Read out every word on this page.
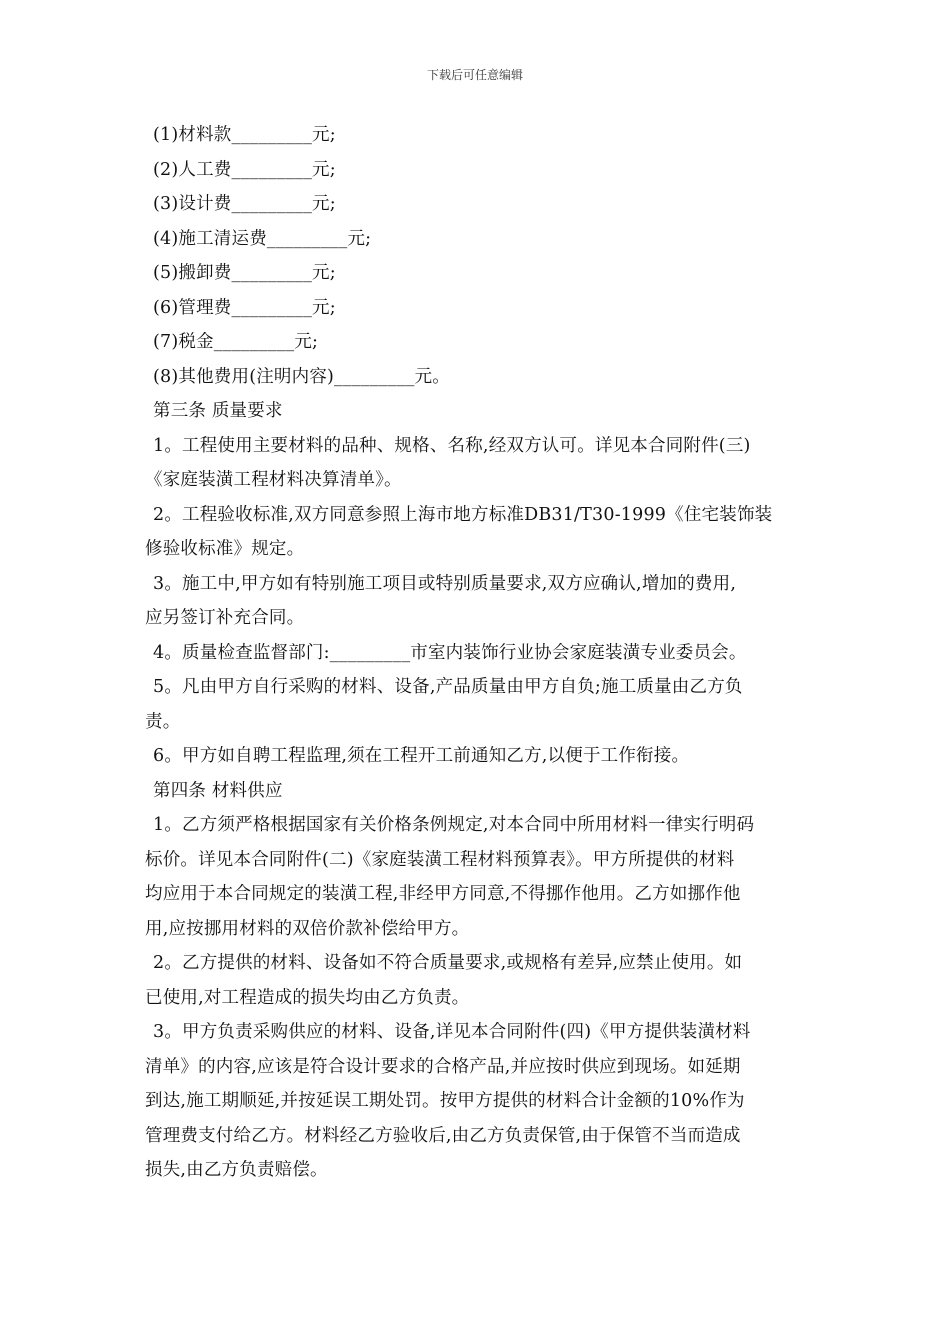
下载后可任意编辑
(1)材料款_________元;
(2)人工费_________元;
(3)设计费_________元;
(4)施工清运费_________元;
(5)搬卸费_________元;
(6)管理费_________元;
(7)税金_________元;
(8)其他费用(注明内容)_________元。
第三条 质量要求
1。工程使用主要材料的品种、规格、名称,经双方认可。详见本合同附件(三)
《家庭装潢工程材料决算清单》。
2。工程验收标准,双方同意参照上海市地方标准DB31/T30-1999《住宅装饰装
修验收标准》规定。
3。施工中,甲方如有特别施工项目或特别质量要求,双方应确认,增加的费用,
应另签订补充合同。
4。质量检查监督部门:_________市室内装饰行业协会家庭装潢专业委员会。
5。凡由甲方自行采购的材料、设备,产品质量由甲方自负;施工质量由乙方负
责。
6。甲方如自聘工程监理,须在工程开工前通知乙方,以便于工作衔接。
第四条 材料供应
1。乙方须严格根据国家有关价格条例规定,对本合同中所用材料一律实行明码
标价。详见本合同附件(二)《家庭装潢工程材料预算表》。甲方所提供的材料
均应用于本合同规定的装潢工程,非经甲方同意,不得挪作他用。乙方如挪作他
用,应按挪用材料的双倍价款补偿给甲方。
2。乙方提供的材料、设备如不符合质量要求,或规格有差异,应禁止使用。如
已使用,对工程造成的损失均由乙方负责。
3。甲方负责采购供应的材料、设备,详见本合同附件(四)《甲方提供装潢材料
清单》的内容,应该是符合设计要求的合格产品,并应按时供应到现场。如延期
到达,施工期顺延,并按延误工期处罚。按甲方提供的材料合计金额的10%作为
管理费支付给乙方。材料经乙方验收后,由乙方负责保管,由于保管不当而造成
损失,由乙方负责赔偿。
